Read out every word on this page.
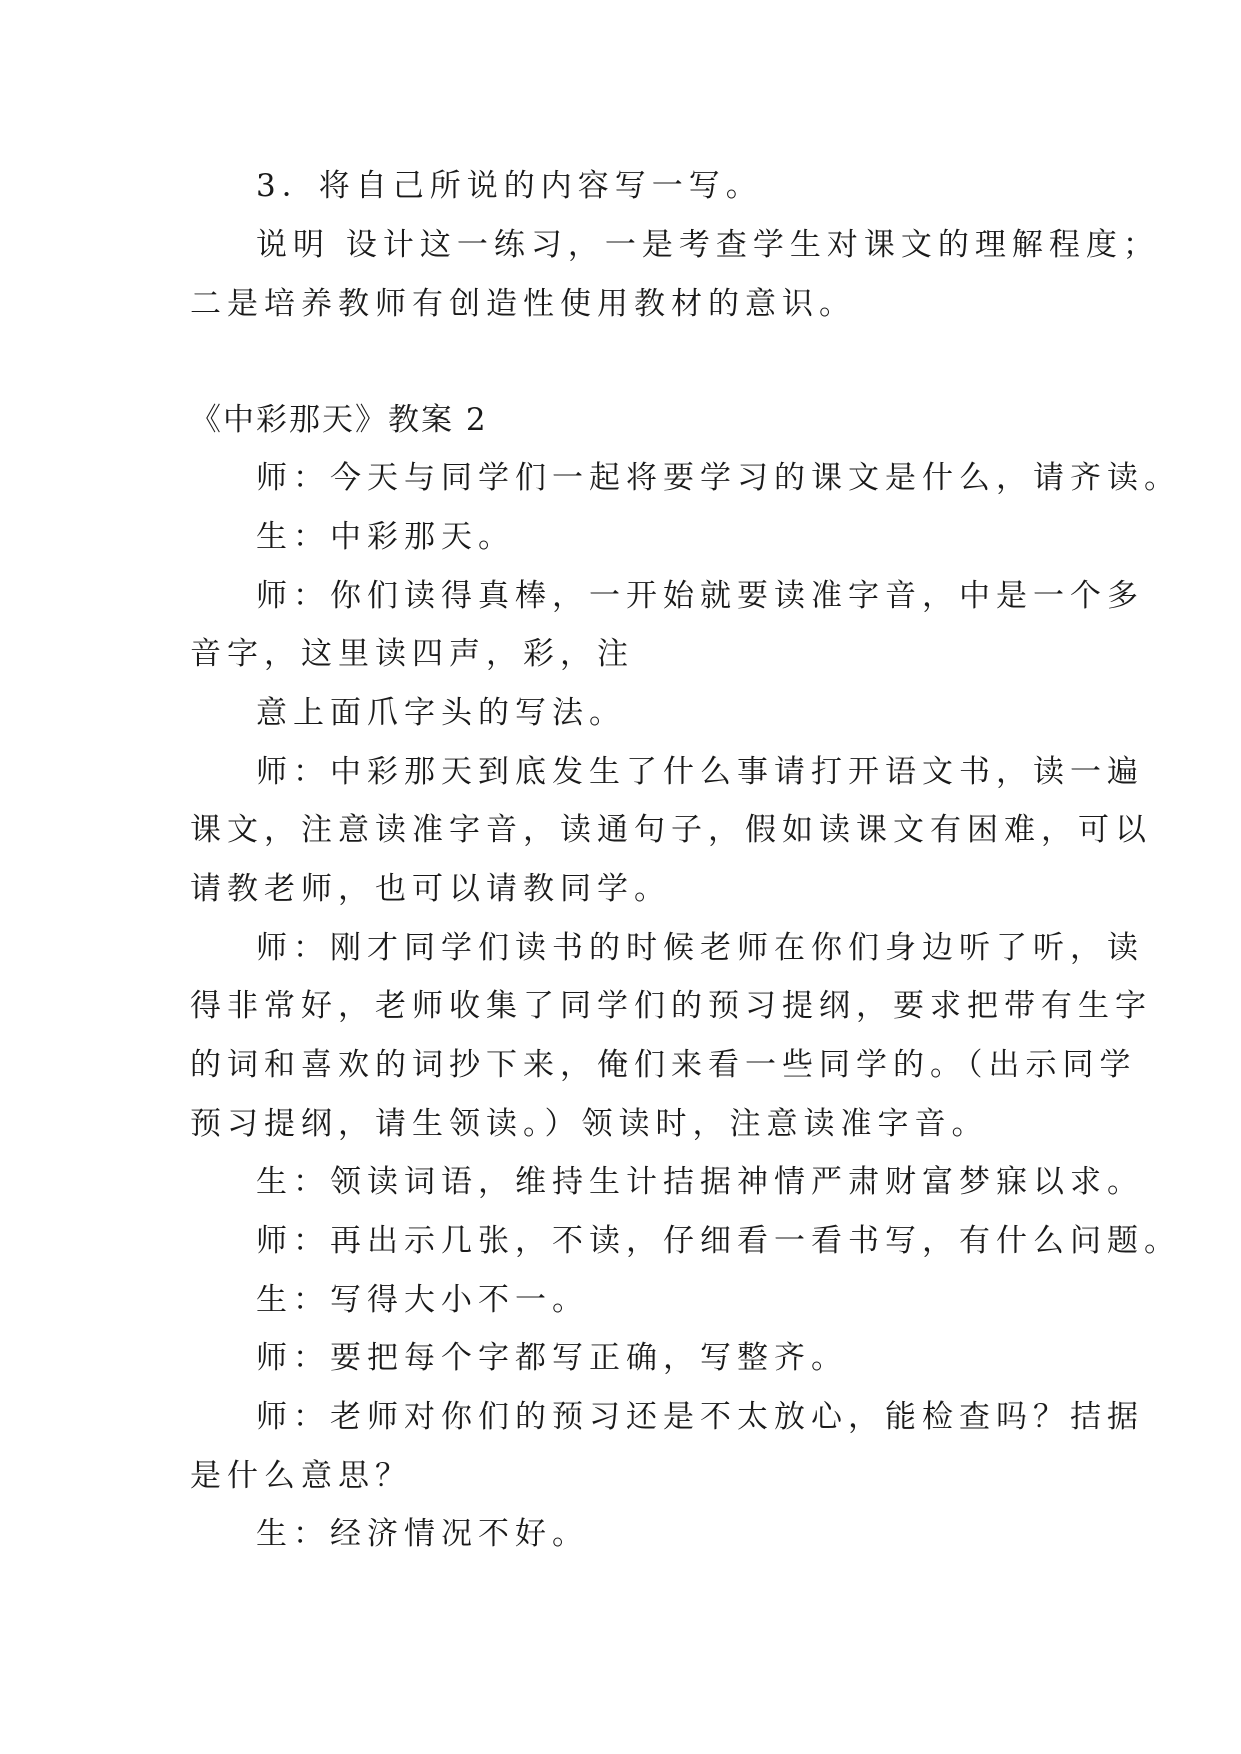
3．将自己所说的内容写一写。
说明 设计这一练习，一是考查学生对课文的理解程度；
二是培养教师有创造性使用教材的意识。
《中彩那天》教案 2
师：今天与同学们一起将要学习的课文是什么，请齐读。
生：中彩那天。
师：你们读得真棒，一开始就要读准字音，中是一个多
音字，这里读四声，彩，注
意上面爪字头的写法。
师：中彩那天到底发生了什么事请打开语文书，读一遍
课文，注意读准字音，读通句子，假如读课文有困难，可以
请教老师，也可以请教同学。
师：刚才同学们读书的时候老师在你们身边听了听，读
得非常好，老师收集了同学们的预习提纲，要求把带有生字
的词和喜欢的词抄下来，俺们来看一些同学的。（出示同学
预习提纲，请生领读。）领读时，注意读准字音。
生：领读词语，维持生计拮据神情严肃财富梦寐以求。
师：再出示几张，不读，仔细看一看书写，有什么问题。
生：写得大小不一。
师：要把每个字都写正确，写整齐。
师：老师对你们的预习还是不太放心，能检查吗？拮据
是什么意思？
生：经济情况不好。
